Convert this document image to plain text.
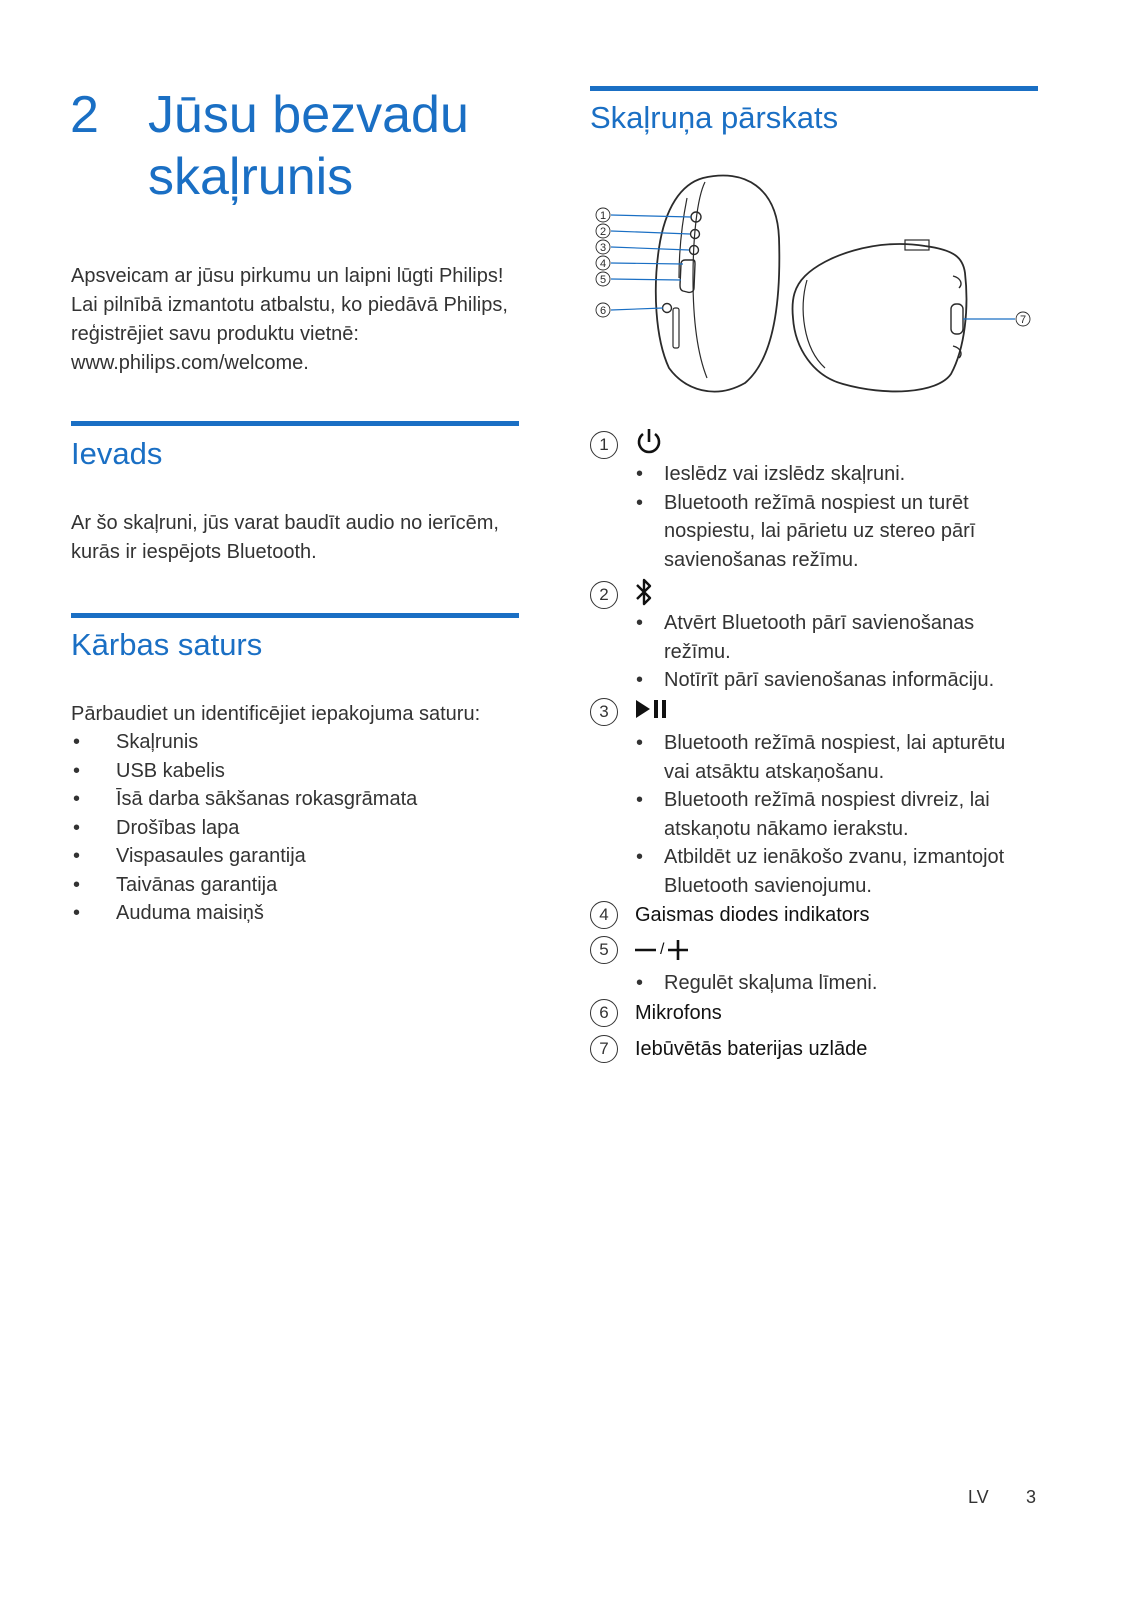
2 Jūsu bezvadu
skaļrunis
Apsveicam ar jūsu pirkumu un laipni lūgti Philips! Lai pilnībā izmantotu atbalstu, ko piedāvā Philips, reģistrējiet savu produktu vietnē: www.philips.com/welcome.
Ievads
Ar šo skaļruni, jūs varat baudīt audio no ierīcēm, kurās ir iespējots Bluetooth.
Kārbas saturs
Pārbaudiet un identificējiet iepakojuma saturu:
• Skaļrunis
• USB kabelis
• Īsā darba sākšanas rokasgrāmata
• Drošības lapa
• Vispasaules garantija
• Taivānas garantija
• Auduma maisiņš
Skaļruņa pārskats
1
2
3
4
5
6
7
1
• Ieslēdz vai izslēdz skaļruni.
• Bluetooth režīmā nospiest un turēt nospiestu, lai pārietu uz stereo pārī savienošanas režīmu.
2
• Atvērt Bluetooth pārī savienošanas režīmu.
• Notīrīt pārī savienošanas informāciju.
3
• Bluetooth režīmā nospiest, lai apturētu vai atsāktu atskaņošanu.
• Bluetooth režīmā nospiest divreiz, lai atskaņotu nākamo ierakstu.
• Atbildēt uz ienākošo zvanu, izmantojot Bluetooth savienojumu.
4	Gaismas diodes indikators
5	/
• Regulēt skaļuma līmeni.
6	Mikrofons
7	Iebūvētās baterijas uzlāde
LV 3
